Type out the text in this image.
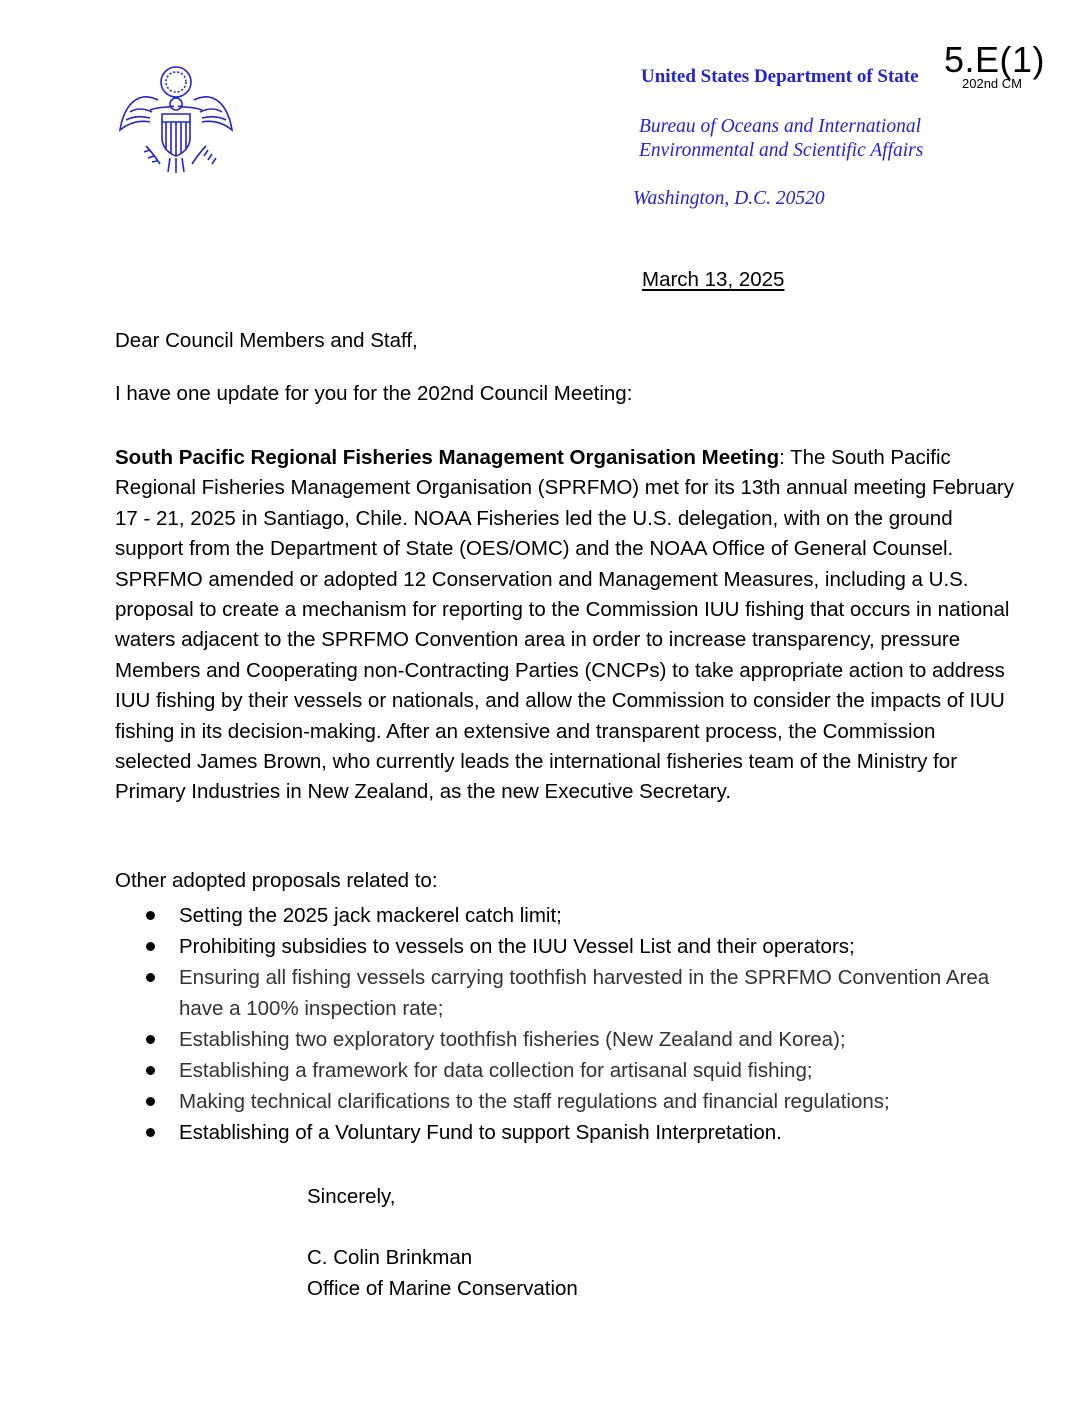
5.E(1)
202nd CM
United States Department of State
Bureau of Oceans and International
Environmental and Scientific Affairs
Washington, D.C. 20520
March 13, 2025
Dear Council Members and Staff,
I have one update for you for the 202nd Council Meeting:
South Pacific Regional Fisheries Management Organisation Meeting: The South Pacific Regional Fisheries Management Organisation (SPRFMO) met for its 13th annual meeting February 17 - 21, 2025 in Santiago, Chile. NOAA Fisheries led the U.S. delegation, with on the ground support from the Department of State (OES/OMC) and the NOAA Office of General Counsel. SPRFMO amended or adopted 12 Conservation and Management Measures, including a U.S. proposal to create a mechanism for reporting to the Commission IUU fishing that occurs in national waters adjacent to the SPRFMO Convention area in order to increase transparency, pressure Members and Cooperating non-Contracting Parties (CNCPs) to take appropriate action to address IUU fishing by their vessels or nationals, and allow the Commission to consider the impacts of IUU fishing in its decision-making. After an extensive and transparent process, the Commission selected James Brown, who currently leads the international fisheries team of the Ministry for Primary Industries in New Zealand, as the new Executive Secretary.
Other adopted proposals related to:
Setting the 2025 jack mackerel catch limit;
Prohibiting subsidies to vessels on the IUU Vessel List and their operators;
Ensuring all fishing vessels carrying toothfish harvested in the SPRFMO Convention Area have a 100% inspection rate;
Establishing two exploratory toothfish fisheries (New Zealand and Korea);
Establishing a framework for data collection for artisanal squid fishing;
Making technical clarifications to the staff regulations and financial regulations;
Establishing of a Voluntary Fund to support Spanish Interpretation.
Sincerely,
C. Colin Brinkman
Office of Marine Conservation
